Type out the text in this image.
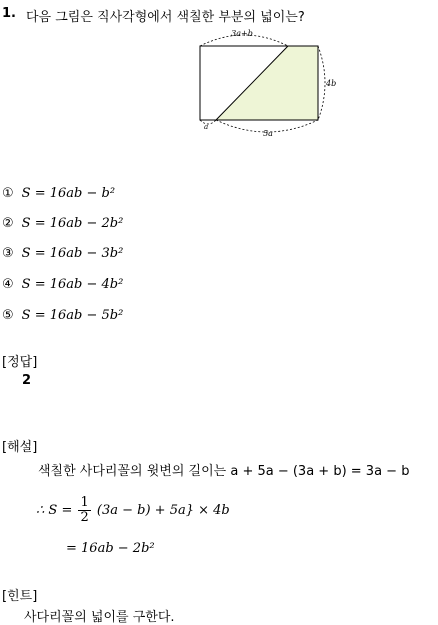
1. 다음 그림은 직사각형에서 색칠한 부분의 넓이는?
3a+b
4b
5a
a
① S = 16ab − b²
② S = 16ab − 2b²
③ S = 16ab − 3b²
④ S = 16ab − 4b²
⑤ S = 16ab − 5b²
[정답]
2
[해설]
색칠한 사다리꼴의 윗변의 길이는 a + 5a − (3a + b) = 3a − b
∴ $S = \frac{1}{2} (3a - b) + 5a\} \times 4b$
= 16ab − 2b²
[힌트]
사다리꼴의 넓이를 구한다.
